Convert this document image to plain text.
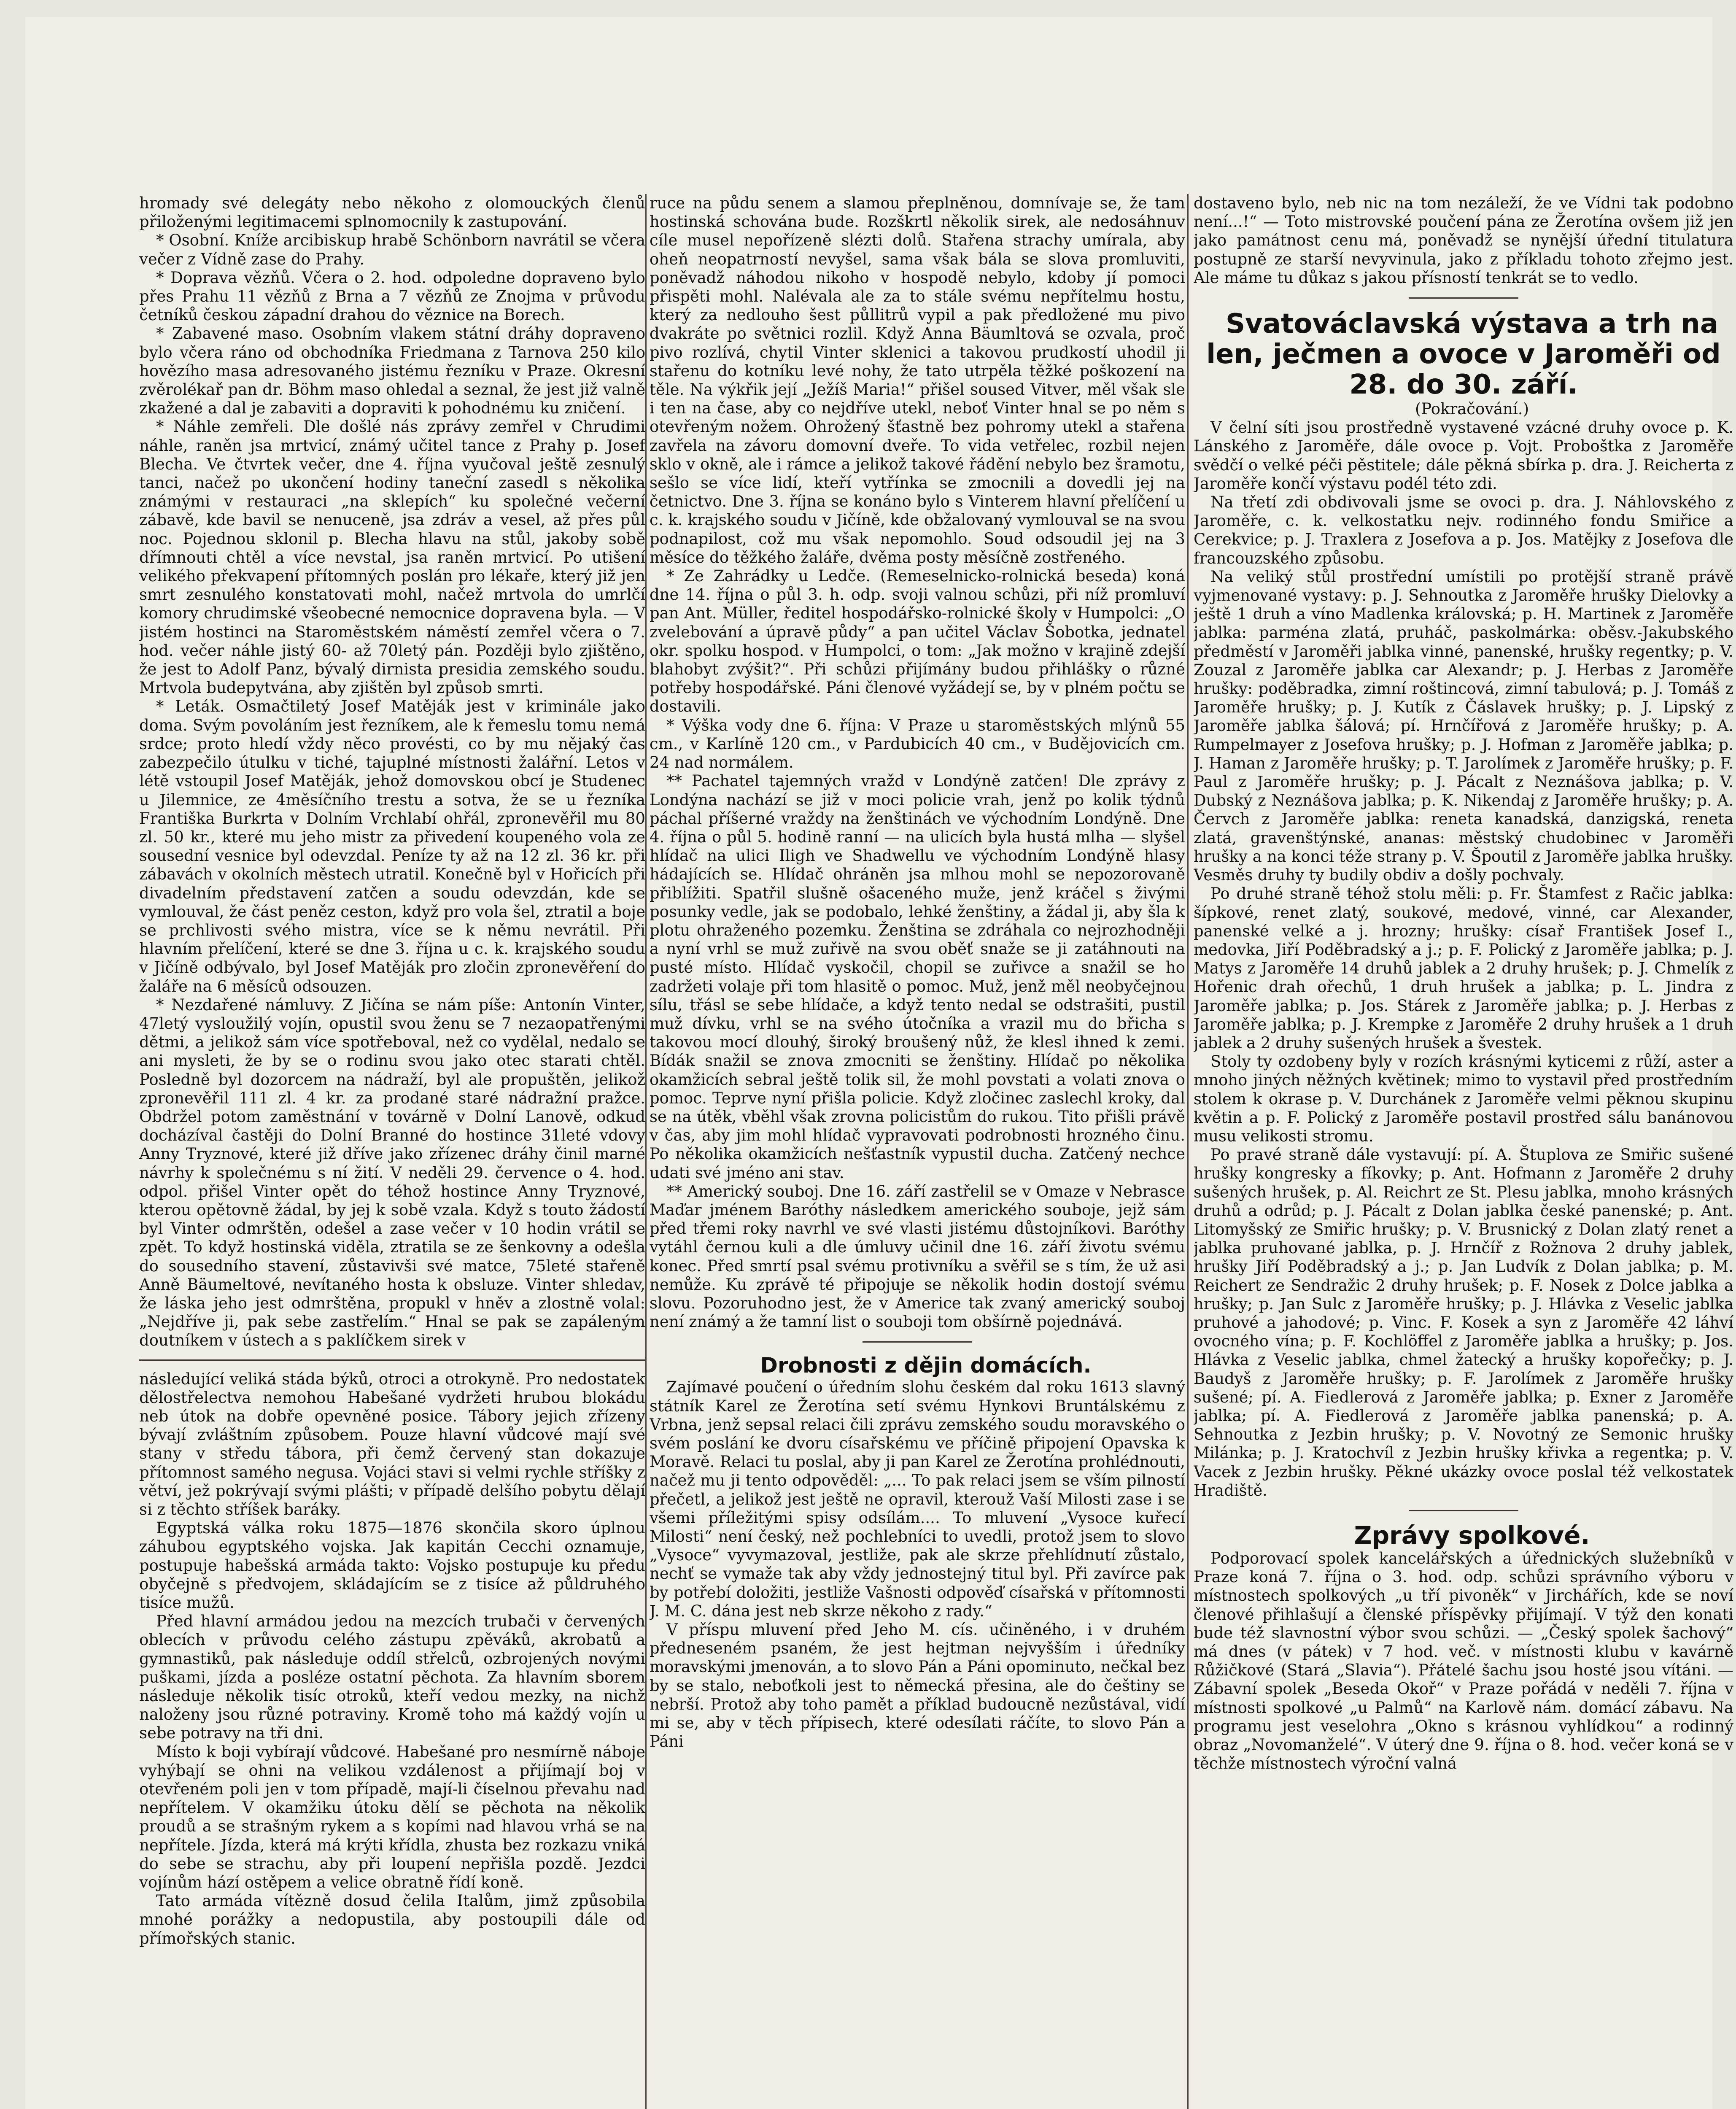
hromady své delegáty nebo někoho z olomouckých členů přiloženými legitimacemi splnomocnily k zastupování.

* Osobní. Kníže arcibiskup hrabě Schönborn navrátil se včera večer z Vídně zase do Prahy.

* Doprava vězňů. Včera o 2. hod. odpoledne dopraveno bylo přes Prahu 11 vězňů z Brna a 7 vězňů ze Znojma v průvodu četníků českou západní drahou do věznice na Borech.

* Zabavené maso. Osobním vlakem státní dráhy dopraveno bylo včera ráno od obchodníka Friedmana z Tarnova 250 kilo hovězího masa adresovaného jistému řezníku v Praze. Okresní zvěrolékař pan dr. Böhm maso ohledal a seznal, že jest již valně zkažené a dal je zabaviti a dopraviti k pohodnému ku zničení.

* Náhle zemřeli. Dle došlé nás zprávy zemřel v Chrudimi náhle, raněn jsa mrtvicí, známý učitel tance z Prahy p. Josef Blecha. Ve čtvrtek večer, dne 4. října vyučoval ještě zesnulý tanci, načež po ukončení hodiny taneční zasedl s několika známými v restauraci „na sklepích“ ku společné večerní zábavě, kde bavil se nenuceně, jsa zdráv a vesel, až přes půl noc. Pojednou sklonil p. Blecha hlavu na stůl, jakoby sobě dřímnouti chtěl a více nevstal, jsa raněn mrtvicí. Po utišení velikého překvapení přítomných poslán pro lékaře, který již jen smrt zesnulého konstatovati mohl, načež mrtvola do umrlčí komory chrudimské všeobecné nemocnice dopravena byla. — V jistém hostinci na Staroměstském náměstí zemřel včera o 7. hod. večer náhle jistý 60- až 70letý pán. Později bylo zjištěno, že jest to Adolf Panz, bývalý dirnista presidia zemského soudu. Mrtvola budepytvána, aby zjištěn byl způsob smrti.

* Leták. Osmačtiletý Josef Matěják jest v kriminále jako doma. Svým povoláním jest řezníkem, ale k řemeslu tomu nemá srdce; proto hledí vždy něco provésti, co by mu nějaký čas zabezpečilo útulku v tiché, tajuplné místnosti žalářní. Letos v létě vstoupil Josef Matěják, jehož domovskou obcí je Studenec u Jilemnice, ze 4měsíčního trestu a sotva, že se u řezníka Františka Burkrta v Dolním Vrchlabí ohřál, zpronevěřil mu 80 zl. 50 kr., které mu jeho mistr za přivedení koupeného vola ze sousední vesnice byl odevzdal. Peníze ty až na 12 zl. 36 kr. při zábavách v okolních městech utratil. Konečně byl v Hořicích při divadelním představení zatčen a soudu odevzdán, kde se vymlouval, že část peněz ceston, když pro vola šel, ztratil a boje se prchlivosti svého mistra, více se k němu nevrátil. Při hlavním přelíčení, které se dne 3. října u c. k. krajského soudu v Jičíně odbývalo, byl Josef Matěják pro zločin zpronevěření do žaláře na 6 měsíců odsouzen.

* Nezdařené námluvy. Z Jičína se nám píše: Antonín Vinter, 47letý vysloužilý vojín, opustil svou ženu se 7 nezaopatřenými dětmi, a jelikož sám více spotřeboval, než co vydělal, nedalo se ani mysleti, že by se o rodinu svou jako otec starati chtěl. Posledně byl dozorcem na nádraží, byl ale propuštěn, jelikož zpronevěřil 111 zl. 4 kr. za prodané staré nádražní pražce. Obdržel potom zaměstnání v továrně v Dolní Lanově, odkud docházíval častěji do Dolní Branné do hostince 31leté vdovy Anny Tryznové, které již dříve jako zřízenec dráhy činil marné návrhy k společnému s ní žití. V neděli 29. července o 4. hod. odpol. přišel Vinter opět do téhož hostince Anny Tryznové, kterou opětovně žádal, by jej k sobě vzala. Když s touto žádostí byl Vinter odmrštěn, odešel a zase večer v 10 hodin vrátil se zpět. To když hostinská viděla, ztratila se ze šenkovny a odešla do sousedního stavení, zůstavivši své matce, 75leté stařeně Anně Bäumeltové, nevítaného hosta k obsluze. Vinter shledav, že láska jeho jest odmrštěna, propukl v hněv a zlostně volal: „Nejdříve ji, pak sebe zastřelím.“ Hnal se pak se zapáleným doutníkem v ústech a s paklíčkem sirek v

následující veliká stáda býků, otroci a otrokyně. Pro nedostatek dělostřelectva nemohou Habešané vydržeti hrubou blokádu neb útok na dobře opevněné posice. Tábory jejich zřízeny bývají zvláštním způsobem. Pouze hlavní vůdcové mají své stany v středu tábora, při čemž červený stan dokazuje přítomnost samého negusa. Vojáci stavi si velmi rychle stříšky z větví, jež pokrývají svými plášti; v případě delšího pobytu dělají si z těchto stříšek baráky.

Egyptská válka roku 1875—1876 skončila skoro úplnou záhubou egyptského vojska. Jak kapitán Cecchi oznamuje, postupuje habešská armáda takto: Vojsko postupuje ku předu obyčejně s předvojem, skládajícím se z tisíce až půldruhého tisíce mužů.

Před hlavní armádou jedou na mezcích trubači v červených oblecích v průvodu celého zástupu zpěváků, akrobatů a gymnastiků, pak následuje oddíl střelců, ozbrojených novými puškami, jízda a posléze ostatní pěchota. Za hlavním sborem následuje několik tisíc otroků, kteří vedou mezky, na nichž naloženy jsou různé potraviny. Kromě toho má každý vojín u sebe potravy na tři dni.

Místo k boji vybírají vůdcové. Habešané pro nesmírně náboje vyhýbají se ohni na velikou vzdálenost a přijímají boj v otevřeném poli jen v tom případě, mají-li číselnou převahu nad nepřítelem. V okamžiku útoku dělí se pěchota na několik proudů a se strašným rykem a s kopími nad hlavou vrhá se na nepřítele. Jízda, která má krýti křídla, zhusta bez rozkazu vniká do sebe se strachu, aby při loupení nepřišla pozdě. Jezdci vojínům hází ostěpem a velice obratně řídí koně.

Tato armáda vítězně dosud čelila Italům, jimž způsobila mnohé porážky a nedopustila, aby postoupili dále od přímořských stanic.

ruce na půdu senem a slamou přeplněnou, domnívaje se, že tam hostinská schována bude. Rozškrtl několik sirek, ale nedosáhnuv cíle musel nepořízeně slézti dolů. Stařena strachy umírala, aby oheň neopatrností nevyšel, sama však bála se slova promluviti, poněvadž náhodou nikoho v hospodě nebylo, kdoby jí pomoci přispěti mohl. Nalévala ale za to stále svému nepřítelmu hostu, který za nedlouho šest půllitrů vypil a pak předložené mu pivo dvakráte po světnici rozlil. Když Anna Bäumltová se ozvala, proč pivo rozlívá, chytil Vinter sklenici a takovou prudkostí uhodil ji stařenu do kotníku levé nohy, že tato utrpěla těžké poškození na těle. Na výkřik její „Ježíš Maria!“ přišel soused Vitver, měl však sle i ten na čase, aby co nejdříve utekl, neboť Vinter hnal se po něm s otevřeným nožem. Ohrožený šťastně bez pohromy utekl a stařena zavřela na závoru domovní dveře. To vida vetřelec, rozbil nejen sklo v okně, ale i rámce a jelikož takové řádění nebylo bez šramotu, sešlo se více lidí, kteří vytřínka se zmocnili a dovedli jej na četnictvo. Dne 3. října se konáno bylo s Vinterem hlavní přelíčení u c. k. krajského soudu v Jičíně, kde obžalovaný vymlouval se na svou podnapilost, což mu však nepomohlo. Soud odsoudil jej na 3 měsíce do těžkého žaláře, dvěma posty měsíčně zostřeného.

* Ze Zahrádky u Ledče. (Remeselnicko-rolnická beseda) koná dne 14. října o půl 3. h. odp. svoji valnou schůzi, při níž promluví pan Ant. Müller, ředitel hospodářsko-rolnické školy v Humpolci: „O zvelebování a úpravě půdy“ a pan učitel Václav Šobotka, jednatel okr. spolku hospod. v Humpolci, o tom: „Jak možno v krajině zdejší blahobyt zvýšit?“. Při schůzi přijímány budou přihlášky o různé potřeby hospodářské. Páni členové vyžádejí se, by v plném počtu se dostavili.

* Výška vody dne 6. října: V Praze u staroměstských mlýnů 55 cm., v Karlíně 120 cm., v Pardubicích 40 cm., v Budějovicích cm. 24 nad normálem.

** Pachatel tajemných vražd v Londýně zatčen! Dle zprávy z Londýna nachází se již v moci policie vrah, jenž po kolik týdnů páchal příšerné vraždy na ženštinách ve východním Londýně. Dne 4. října o půl 5. hodině ranní — na ulicích byla hustá mlha — slyšel hlídač na ulici Iligh ve Shadwellu ve východním Londýně hlasy hádajících se. Hlídač ohráněn jsa mlhou mohl se nepozorovaně přiblížiti. Spatřil slušně ošaceného muže, jenž kráčel s živými posunky vedle, jak se podobalo, lehké ženštiny, a žádal ji, aby šla k plotu ohraženého pozemku. Ženština se zdráhala co nejrozhodněji a nyní vrhl se muž zuřivě na svou oběť snaže se ji zatáhnouti na pusté místo. Hlídač vyskočil, chopil se zuřivce a snažil se ho zadržeti volaje při tom hlasitě o pomoc. Muž, jenž měl neobyčejnou sílu, třásl se sebe hlídače, a když tento nedal se odstrašiti, pustil muž dívku, vrhl se na svého útočníka a vrazil mu do břicha s takovou mocí dlouhý, široký broušený nůž, že klesl ihned k zemi. Bídák snažil se znova zmocniti se ženštiny. Hlídač po několika okamžicích sebral ještě tolik sil, že mohl povstati a volati znova o pomoc. Teprve nyní přišla policie. Když zločinec zaslechl kroky, dal se na útěk, vběhl však zrovna policistům do rukou. Tito přišli právě v čas, aby jim mohl hlídač vypravovati podrobnosti hrozného činu. Po několika okamžicích nešťastník vypustil ducha. Zatčený nechce udati své jméno ani stav.

** Americký souboj. Dne 16. září zastřelil se v Omaze v Nebrasce Maďar jménem Baróthy následkem amerického souboje, jejž sám před třemi roky navrhl ve své vlasti jistému důstojníkovi. Baróthy vytáhl černou kuli a dle úmluvy učinil dne 16. září životu svému konec. Před smrtí psal svému protivníku a svěřil se s tím, že už asi nemůže. Ku zprávě té připojuje se několik hodin dostojí svému slovu. Pozoruhodno jest, že v Americe tak zvaný americký souboj není známý a že tamní list o souboji tom obšírně pojednává.

Drobnosti z dějin domácích.

Zajímavé poučení o úředním slohu českém dal roku 1613 slavný státník Karel ze Žerotína setí svému Hynkovi Bruntálskému z Vrbna, jenž sepsal relaci čili zprávu zemského soudu moravského o svém poslání ke dvoru císařskému ve příčině připojení Opavska k Moravě. Relaci tu poslal, aby ji pan Karel ze Žerotína prohlédnouti, načež mu ji tento odpověděl: „... To pak relaci jsem se vším pilností přečetl, a jelikož jest ještě ne opravil, kterouž Vaší Milosti zase i se všemi příležitými spisy odsílám.... To mluvení „Vysoce kuřecí Milosti“ není český, než pochlebníci to uvedli, protož jsem to slovo „Vysoce“ vyvymazoval, jestliže, pak ale skrze přehlídnutí zůstalo, nechť se vymaže tak aby vždy jednostejný titul byl. Při zavírce pak by potřebí doložiti, jestliže Vašnosti odpověď císařská v přítomnosti J. M. C. dána jest neb skrze někoho z rady.“

V příspu mluvení před Jeho M. cís. učiněného, i v druhém předneseném psaném, že jest hejtman nejvyšším i úředníky moravskými jmenován, a to slovo Pán a Páni opominuto, nečkal bez by se stalo, neboťkoli jest to německá přesina, ale do češtiny se nebrší. Protož aby toho pamět a příklad budoucně nezůstával, vidí mi se, aby v těch přípisech, které odesílati ráčíte, to slovo Pán a Páni

dostaveno bylo, neb nic na tom nezáleží, že ve Vídni tak podobno není...!“ — Toto mistrovské poučení pána ze Žerotína ovšem již jen jako památnost cenu má, poněvadž se nynější úřední titulatura postupně ze starší nevyvinula, jako z příkladu tohoto zřejmo jest. Ale máme tu důkaz s jakou přísností tenkrát se to vedlo.

Svatováclavská výstava a trh na len, ječmen a ovoce v Jaroměři od 28. do 30. září.

(Pokračování.)

V čelní síti jsou prostředně vystavené vzácné druhy ovoce p. K. Lánského z Jaroměře, dále ovoce p. Vojt. Proboštka z Jaroměře svědčí o velké péči pěstitele; dále pěkná sbírka p. dra. J. Reicherta z Jaroměře končí výstavu podél této zdi.

Na třetí zdi obdivovali jsme se ovoci p. dra. J. Náhlovského z Jaroměře, c. k. velkostatku nejv. rodinného fondu Smiřice a Cerekvice; p. J. Traxlera z Josefova a p. Jos. Matějky z Josefova dle francouzského způsobu.

Na veliký stůl prostřední umístili po protější straně právě vyjmenované vystavy: p. J. Sehnoutka z Jaroměře hrušky Dielovky a ještě 1 druh a víno Madlenka královská; p. H. Martinek z Jaroměře jablka: parména zlatá, pruháč, paskolmárka: oběsv.-Jakubského předměstí v Jaroměři jablka vinné, panenské, hrušky regentky; p. V. Zouzal z Jaroměře jablka car Alexandr; p. J. Herbas z Jaroměře hrušky: poděbradka, zimní roštincová, zimní tabulová; p. J. Tomáš z Jaroměře hrušky; p. J. Kutík z Čáslavek hrušky; p. J. Lipský z Jaroměře jablka šálová; pí. Hrnčířová z Jaroměře hrušky; p. A. Rumpelmayer z Josefova hrušky; p. J. Hofman z Jaroměře jablka; p. J. Haman z Jaroměře hrušky; p. T. Jarolímek z Jaroměře hrušky; p. F. Paul z Jaroměře hrušky; p. J. Pácalt z Neznášova jablka; p. V. Dubský z Neznášova jablka; p. K. Nikendaj z Jaroměře hrušky; p. A. Červch z Jaroměře jablka: reneta kanadská, danzigská, reneta zlatá, gravenštýnské, ananas: městský chudobinec v Jaroměři hrušky a na konci téže strany p. V. Špoutil z Jaroměře jablka hrušky. Vesměs druhy ty budily obdiv a došly pochvaly.

Po druhé straně téhož stolu měli: p. Fr. Štamfest z Račic jablka: šípkové, renet zlatý, soukové, medové, vinné, car Alexander, panenské velké a j. hrozny; hrušky: císař František Josef I., medovka, Jiří Poděbradský a j.; p. F. Polický z Jaroměře jablka; p. J. Matys z Jaroměře 14 druhů jablek a 2 druhy hrušek; p. J. Chmelík z Hořenic drah ořechů, 1 druh hrušek a jablka; p. L. Jindra z Jaroměře jablka; p. Jos. Stárek z Jaroměře jablka; p. J. Herbas z Jaroměře jablka; p. J. Krempke z Jaroměře 2 druhy hrušek a 1 druh jablek a 2 druhy sušených hrušek a švestek.

Stoly ty ozdobeny byly v rozích krásnými kyticemi z růží, aster a mnoho jiných něžných květinek; mimo to vystavil před prostředním stolem k okrase p. V. Durchánek z Jaroměře velmi pěknou skupinu květin a p. F. Polický z Jaroměře postavil prostřed sálu banánovou musu velikosti stromu.

Po pravé straně dále vystavují: pí. A. Štuplova ze Smiřic sušené hrušky kongresky a fíkovky; p. Ant. Hofmann z Jaroměře 2 druhy sušených hrušek, p. Al. Reichrt ze St. Plesu jablka, mnoho krásných druhů a odrůd; p. J. Pácalt z Dolan jablka české panenské; p. Ant. Litomyšský ze Smiřic hrušky; p. V. Brusnický z Dolan zlatý renet a jablka pruhované jablka, p. J. Hrnčíř z Rožnova 2 druhy jablek, hrušky Jiří Poděbradský a j.; p. Jan Ludvík z Dolan jablka; p. M. Reichert ze Sendražic 2 druhy hrušek; p. F. Nosek z Dolce jablka a hrušky; p. Jan Sulc z Jaroměře hrušky; p. J. Hlávka z Veselic jablka pruhové a jahodové; p. Vinc. F. Kosek a syn z Jaroměře 42 láhví ovocného vína; p. F. Kochlöffel z Jaroměře jablka a hrušky; p. Jos. Hlávka z Veselic jablka, chmel žatecký a hrušky kopořečky; p. J. Baudyš z Jaroměře hrušky; p. F. Jarolímek z Jaroměře hrušky sušené; pí. A. Fiedlerová z Jaroměře jablka; p. Exner z Jaroměře jablka; pí. A. Fiedlerová z Jaroměře jablka panenská; p. A. Sehnoutka z Jezbin hrušky; p. V. Novotný ze Semonic hrušky Milánka; p. J. Kratochvíl z Jezbin hrušky křivka a regentka; p. V. Vacek z Jezbin hrušky. Pěkné ukázky ovoce poslal též velkostatek Hradiště.

Zprávy spolkové.

Podporovací spolek kancelářských a úřednických služebníků v Praze koná 7. října o 3. hod. odp. schůzi správního výboru v místnostech spolkových „u tří pivoněk“ v Jirchářích, kde se noví členové přihlašují a členské příspěvky přijímají. V týž den konati bude též slavnostní výbor svou schůzi. — „Český spolek šachový“ má dnes (v pátek) v 7 hod. več. v místnosti klubu v kavárně Růžičkové (Stará „Slavia“). Přátelé šachu jsou hosté jsou vítáni. — Zábavní spolek „Beseda Okoř“ v Praze pořádá v neděli 7. října v místnosti spolkové „u Palmů“ na Karlově nám. domácí zábavu. Na programu jest veselohra „Okno s krásnou vyhlídkou“ a rodinný obraz „Novomanželé“. V úterý dne 9. října o 8. hod. večer koná se v těchže místnostech výroční valná
